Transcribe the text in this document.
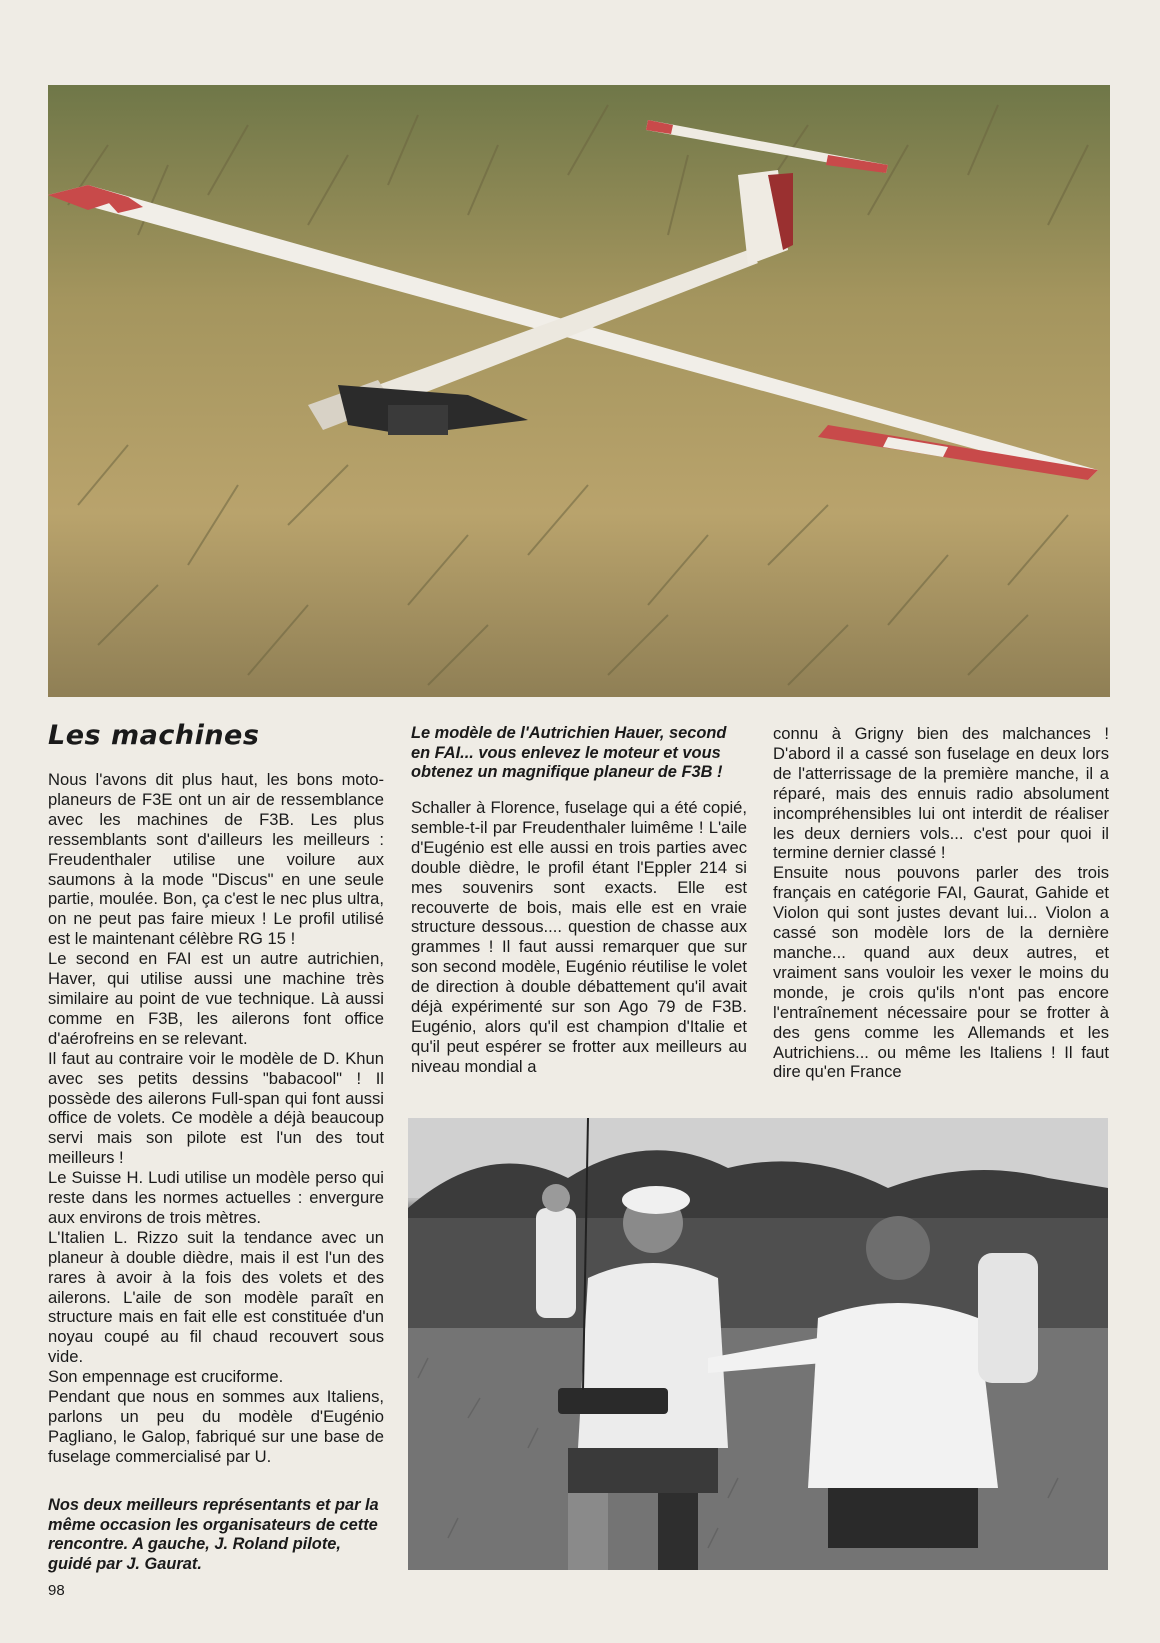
Les machines	Le modèle de l'Autrichien Hauer, second en FAI... vous enlevez le moteur et vous obtenez un magnifique planeur de F3B !

Nous l'avons dit plus haut, les bons moto-planeurs de F3E ont un air de ressemblance avec les machines de F3B. Les plus ressemblants sont d'ailleurs les meilleurs : Freudenthaler utilise une voilure aux saumons à la mode "Discus" en une seule partie, moulée. Bon, ça c'est le nec plus ultra, on ne peut pas faire mieux ! Le profil utilisé est le maintenant célèbre RG 15 !

Le second en FAI est un autre autrichien, Haver, qui utilise aussi une machine très similaire au point de vue technique. Là aussi comme en F3B, les ailerons font office d'aérofreins en se relevant.

Il faut au contraire voir le modèle de D. Khun avec ses petits dessins "babacool" ! Il possède des ailerons Full-span qui font aussi office de volets. Ce modèle a déjà beaucoup servi mais son pilote est l'un des tout meilleurs !

Le Suisse H. Ludi utilise un modèle perso qui reste dans les normes actuelles : envergure aux environs de trois mètres.

L'Italien L. Rizzo suit la tendance avec un planeur à double dièdre, mais il est l'un des rares à avoir à la fois des volets et des ailerons. L'aile de son modèle paraît en structure mais en fait elle est constituée d'un noyau coupé au fil chaud recouvert sous vide.

Son empennage est cruciforme.

Pendant que nous en sommes aux Italiens, parlons un peu du modèle d'Eugénio Pagliano, le Galop, fabriqué sur une base de fuselage commercialisé par U.

Schaller à Florence, fuselage qui a été copié, semble-t-il par Freudenthaler luimême ! L'aile d'Eugénio est elle aussi en trois parties avec double dièdre, le profil étant l'Eppler 214 si mes souvenirs sont exacts. Elle est recouverte de bois, mais elle est en vraie structure dessous.... question de chasse aux grammes ! Il faut aussi remarquer que sur son second modèle, Eugénio réutilise le volet de direction à double débattement qu'il avait déjà expérimenté sur son Ago 79 de F3B. Eugénio, alors qu'il est champion d'Italie et qu'il peut espérer se frotter aux meilleurs au niveau mondial a

connu à Grigny bien des malchances ! D'abord il a cassé son fuselage en deux lors de l'atterrissage de la première manche, il a réparé, mais des ennuis radio absolument incompréhensibles lui ont interdit de réaliser les deux derniers vols... c'est pour quoi il termine dernier classé !

Ensuite nous pouvons parler des trois français en catégorie FAI, Gaurat, Gahide et Violon qui sont justes devant lui... Violon a cassé son modèle lors de la dernière manche... quand aux deux autres, et vraiment sans vouloir les vexer le moins du monde, je crois qu'ils n'ont pas encore l'entraînement nécessaire pour se frotter à des gens comme les Allemands et les Autrichiens... ou même les Italiens ! Il faut dire qu'en France

Nos deux meilleurs représentants et par la même occasion les organisateurs de cette rencontre. A gauche, J. Roland pilote, guidé par J. Gaurat.

98
